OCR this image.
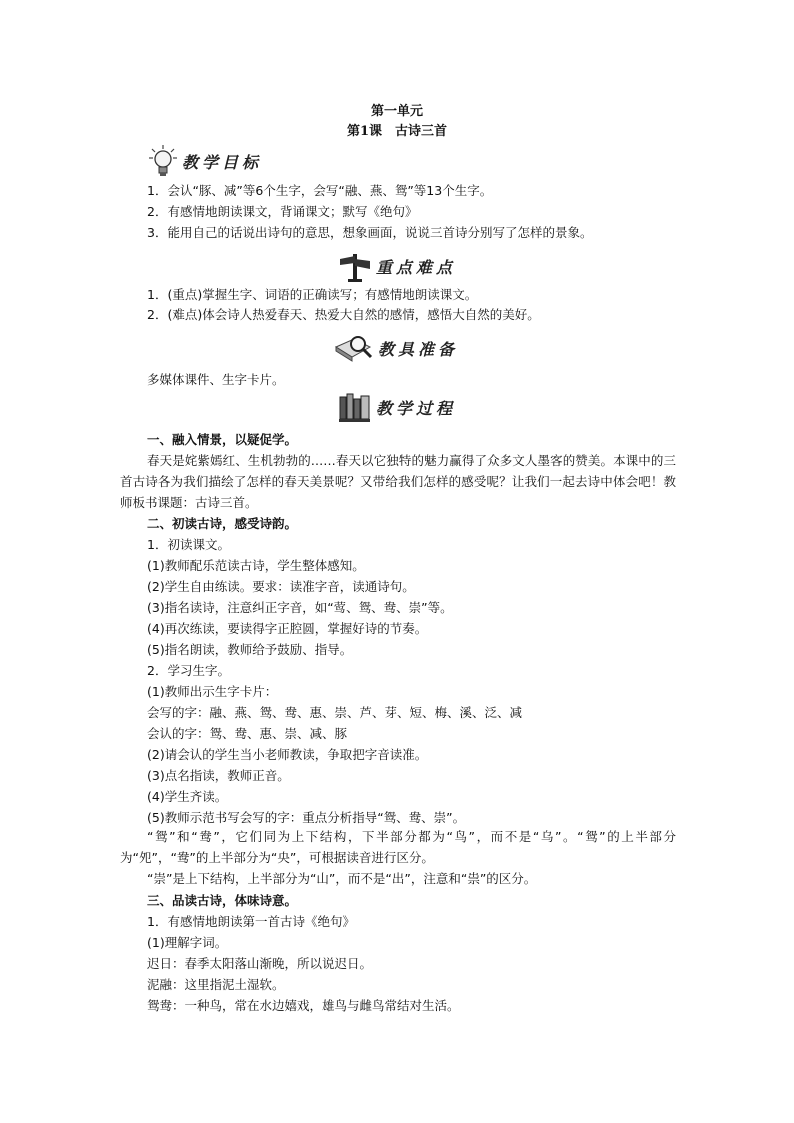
第一单元
第1课　古诗三首
教学目标
1．会认“豚、减”等6个生字，会写“融、燕、鸳”等13个生字。
2．有感情地朗读课文，背诵课文；默写《绝句》
3．能用自己的话说出诗句的意思，想象画面，说说三首诗分别写了怎样的景象。
重点难点
1．(重点)掌握生字、词语的正确读写；有感情地朗读课文。
2．(难点)体会诗人热爱春天、热爱大自然的感情，感悟大自然的美好。
教具准备
多媒体课件、生字卡片。
教学过程
一、融入情景，以疑促学。
春天是姹紫嫣红、生机勃勃的……春天以它独特的魅力赢得了众多文人墨客的赞美。本课中的三首古诗各为我们描绘了怎样的春天美景呢？又带给我们怎样的感受呢？让我们一起去诗中体会吧！教师板书课题：古诗三首。
二、初读古诗，感受诗韵。
1．初读课文。
(1)教师配乐范读古诗，学生整体感知。
(2)学生自由练读。要求：读准字音，读通诗句。
(3)指名读诗，注意纠正字音，如“莺、鸳、鸯、崇”等。
(4)再次练读，要读得字正腔圆，掌握好诗的节奏。
(5)指名朗读，教师给予鼓励、指导。
2．学习生字。
(1)教师出示生字卡片：
会写的字：融、燕、鸳、鸯、惠、崇、芦、芽、短、梅、溪、泛、减
会认的字：鸳、鸯、惠、崇、减、豚
(2)请会认的学生当小老师教读，争取把字音读准。
(3)点名指读，教师正音。
(4)学生齐读。
(5)教师示范书写会写的字：重点分析指导“鸳、鸯、崇”。
“鸳”和“鸯”，它们同为上下结构，下半部分都为“鸟”，而不是“乌”。“鸳”的上半部分为“夗”，“鸯”的上半部分为“央”，可根据读音进行区分。
“崇”是上下结构，上半部分为“山”，而不是“出”，注意和“祟”的区分。
三、品读古诗，体味诗意。
1．有感情地朗读第一首古诗《绝句》
(1)理解字词。
迟日：春季太阳落山渐晚，所以说迟日。
泥融：这里指泥土湿软。
鸳鸯：一种鸟，常在水边嬉戏，雄鸟与雌鸟常结对生活。
